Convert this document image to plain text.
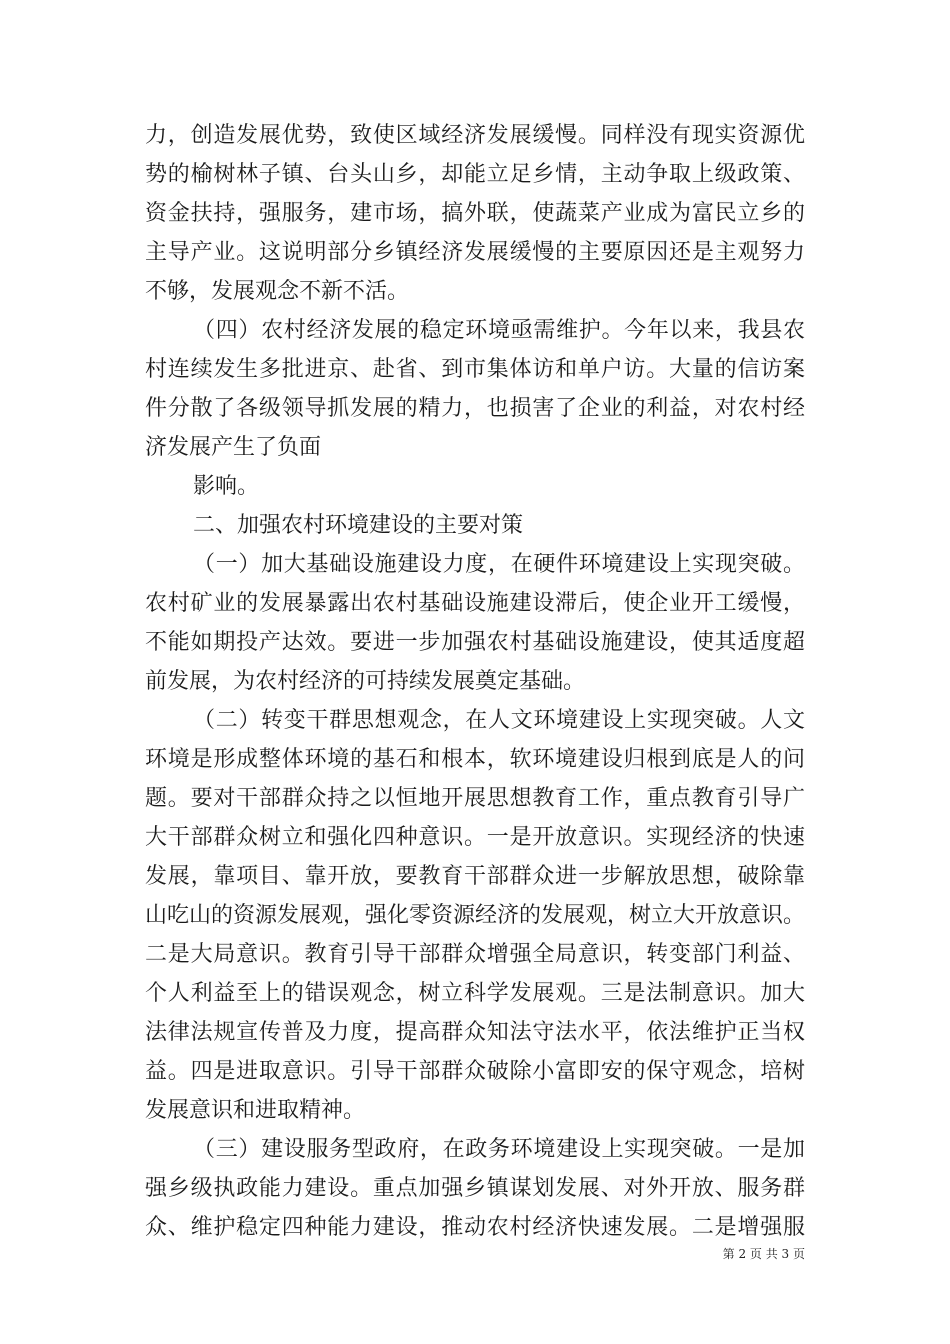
力，创造发展优势，致使区域经济发展缓慢。同样没有现实资源优
势的榆树林子镇、台头山乡，却能立足乡情，主动争取上级政策、
资金扶持，强服务，建市场，搞外联，使蔬菜产业成为富民立乡的
主导产业。这说明部分乡镇经济发展缓慢的主要原因还是主观努力
不够，发展观念不新不活。
（四）农村经济发展的稳定环境亟需维护。今年以来，我县农
村连续发生多批进京、赴省、到市集体访和单户访。大量的信访案
件分散了各级领导抓发展的精力，也损害了企业的利益，对农村经
济发展产生了负面
影响。
二、加强农村环境建设的主要对策
（一）加大基础设施建设力度，在硬件环境建设上实现突破。
农村矿业的发展暴露出农村基础设施建设滞后，使企业开工缓慢，
不能如期投产达效。要进一步加强农村基础设施建设，使其适度超
前发展，为农村经济的可持续发展奠定基础。
（二）转变干群思想观念，在人文环境建设上实现突破。人文
环境是形成整体环境的基石和根本，软环境建设归根到底是人的问
题。要对干部群众持之以恒地开展思想教育工作，重点教育引导广
大干部群众树立和强化四种意识。一是开放意识。实现经济的快速
发展，靠项目、靠开放，要教育干部群众进一步解放思想，破除靠
山吃山的资源发展观，强化零资源经济的发展观，树立大开放意识。
二是大局意识。教育引导干部群众增强全局意识，转变部门利益、
个人利益至上的错误观念，树立科学发展观。三是法制意识。加大
法律法规宣传普及力度，提高群众知法守法水平，依法维护正当权
益。四是进取意识。引导干部群众破除小富即安的保守观念，培树
发展意识和进取精神。
（三）建设服务型政府，在政务环境建设上实现突破。一是加
强乡级执政能力建设。重点加强乡镇谋划发展、对外开放、服务群
众、维护稳定四种能力建设，推动农村经济快速发展。二是增强服
第 2 页 共 3 页
